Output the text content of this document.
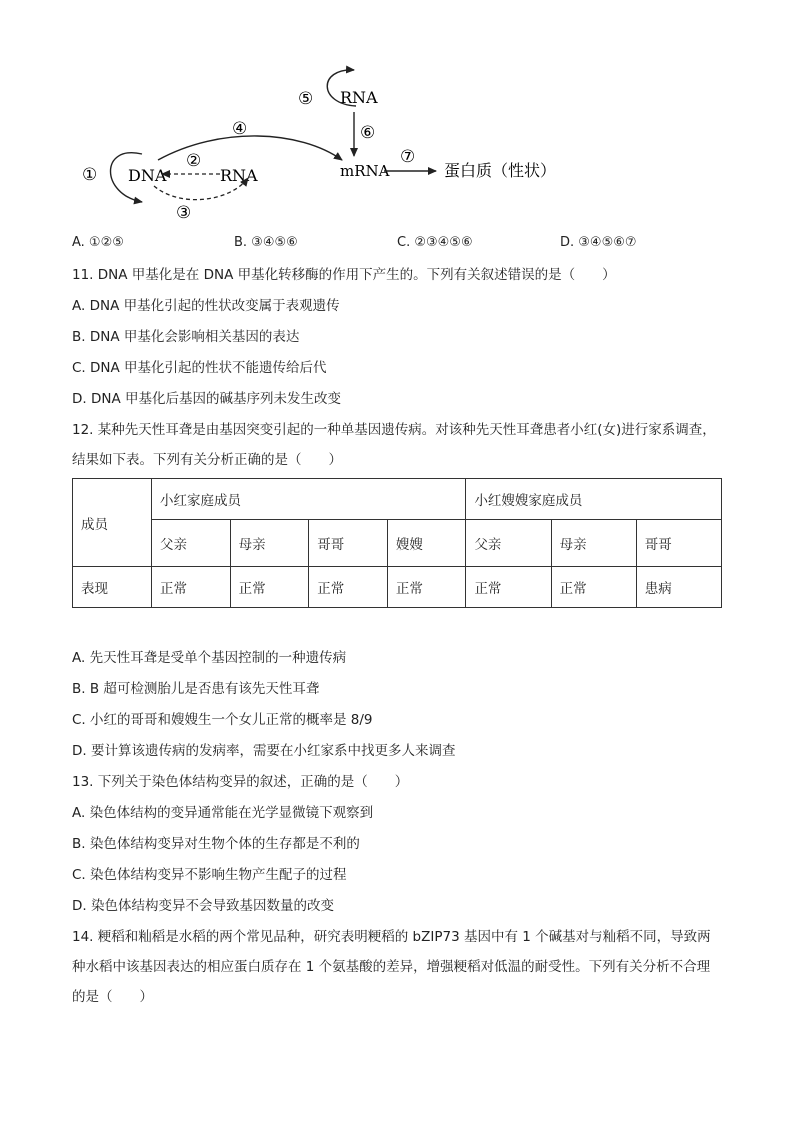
① DNA
②
RNA
③
④
RNA
⑤
⑥
mRNA
⑦
蛋白质（性状）
A. ①②⑤	B. ③④⑤⑥	C. ②③④⑤⑥	D. ③④⑤⑥⑦
11. DNA 甲基化是在 DNA 甲基化转移酶的作用下产生的。下列有关叙述错误的是（　　）
A. DNA 甲基化引起的性状改变属于表观遗传
B. DNA 甲基化会影响相关基因的表达
C. DNA 甲基化引起的性状不能遗传给后代
D. DNA 甲基化后基因的碱基序列未发生改变
12. 某种先天性耳聋是由基因突变引起的一种单基因遗传病。对该种先天性耳聋患者小红(女)进行家系调查，结果如下表。下列有关分析正确的是（　　）
成员	小红家庭成员				小红嫂嫂家庭成员		
	父亲	母亲	哥哥	嫂嫂	父亲	母亲	哥哥
表现	正常	正常	正常	正常	正常	正常	患病
A. 先天性耳聋是受单个基因控制的一种遗传病
B. B 超可检测胎儿是否患有该先天性耳聋
C. 小红的哥哥和嫂嫂生一个女儿正常的概率是 8/9
D. 要计算该遗传病的发病率，需要在小红家系中找更多人来调查
13. 下列关于染色体结构变异的叙述，正确的是（　　）
A. 染色体结构的变异通常能在光学显微镜下观察到
B. 染色体结构变异对生物个体的生存都是不利的
C. 染色体结构变异不影响生物产生配子的过程
D. 染色体结构变异不会导致基因数量的改变
14. 粳稻和籼稻是水稻的两个常见品种，研究表明粳稻的 bZIP73 基因中有 1 个碱基对与籼稻不同，导致两种水稻中该基因表达的相应蛋白质存在 1 个氨基酸的差异，增强粳稻对低温的耐受性。下列有关分析不合理的是（　　）
